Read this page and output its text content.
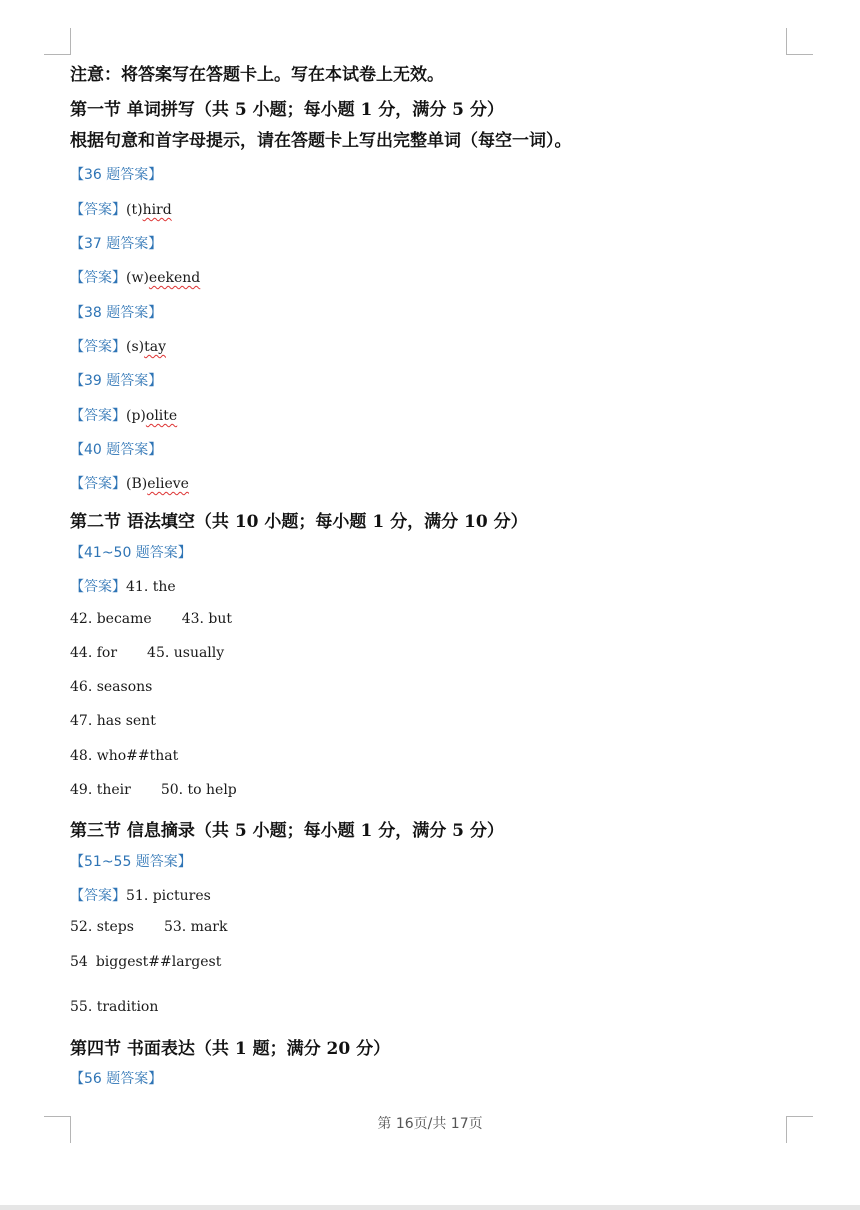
注意：将答案写在答题卡上。写在本试卷上无效。
第一节 单词拼写（共 5 小题；每小题 1 分，满分 5 分）
根据句意和首字母提示，请在答题卡上写出完整单词（每空一词）。
【36 题答案】
【答案】(t)hird
【37 题答案】
【答案】(w)eekend
【38 题答案】
【答案】(s)tay
【39 题答案】
【答案】(p)olite
【40 题答案】
【答案】(B)elieve
第二节 语法填空（共 10 小题；每小题 1 分，满分 10 分）
【41~50 题答案】
【答案】41. the
42. became 43. but
44. for 45. usually
46. seasons
47. has sent
48. who##that
49. their 50. to help
第三节 信息摘录（共 5 小题；每小题 1 分，满分 5 分）
【51~55 题答案】
【答案】51. pictures
52. steps 53. mark
54 biggest##largest
55. tradition
第四节 书面表达（共 1 题；满分 20 分）
【56 题答案】
第 16页/共 17页
